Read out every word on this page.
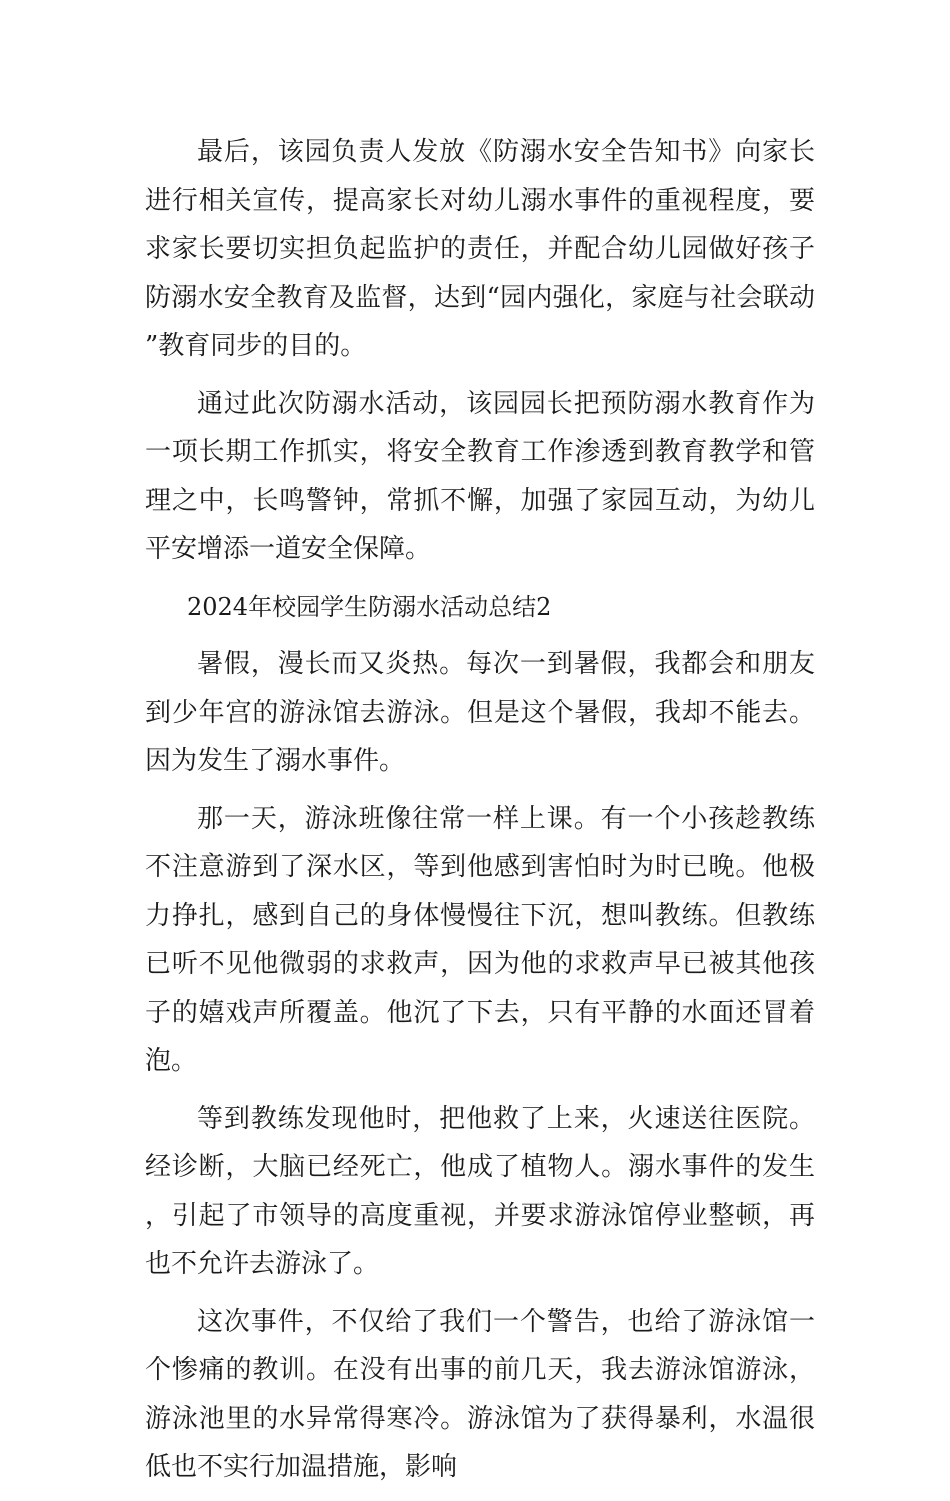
最后，该园负责人发放《防溺水安全告知书》向家长进行相关宣传，提高家长对幼儿溺水事件的重视程度，要求家长要切实担负起监护的责任，并配合幼儿园做好孩子防溺水安全教育及监督，达到“园内强化，家庭与社会联动”教育同步的目的。

通过此次防溺水活动，该园园长把预防溺水教育作为一项长期工作抓实，将安全教育工作渗透到教育教学和管理之中，长鸣警钟，常抓不懈，加强了家园互动，为幼儿平安增添一道安全保障。

2024年校园学生防溺水活动总结2

暑假，漫长而又炎热。每次一到暑假，我都会和朋友到少年宫的游泳馆去游泳。但是这个暑假，我却不能去。因为发生了溺水事件。

那一天，游泳班像往常一样上课。有一个小孩趁教练不注意游到了深水区，等到他感到害怕时为时已晚。他极力挣扎，感到自己的身体慢慢往下沉，想叫教练。但教练已听不见他微弱的求救声，因为他的求救声早已被其他孩子的嬉戏声所覆盖。他沉了下去，只有平静的水面还冒着泡。

等到教练发现他时，把他救了上来，火速送往医院。经诊断，大脑已经死亡，他成了植物人。溺水事件的发生，引起了市领导的高度重视，并要求游泳馆停业整顿，再也不允许去游泳了。

这次事件，不仅给了我们一个警告，也给了游泳馆一个惨痛的教训。在没有出事的前几天，我去游泳馆游泳，游泳池里的水异常得寒冷。游泳馆为了获得暴利，水温很低也不实行加温措施，影响
